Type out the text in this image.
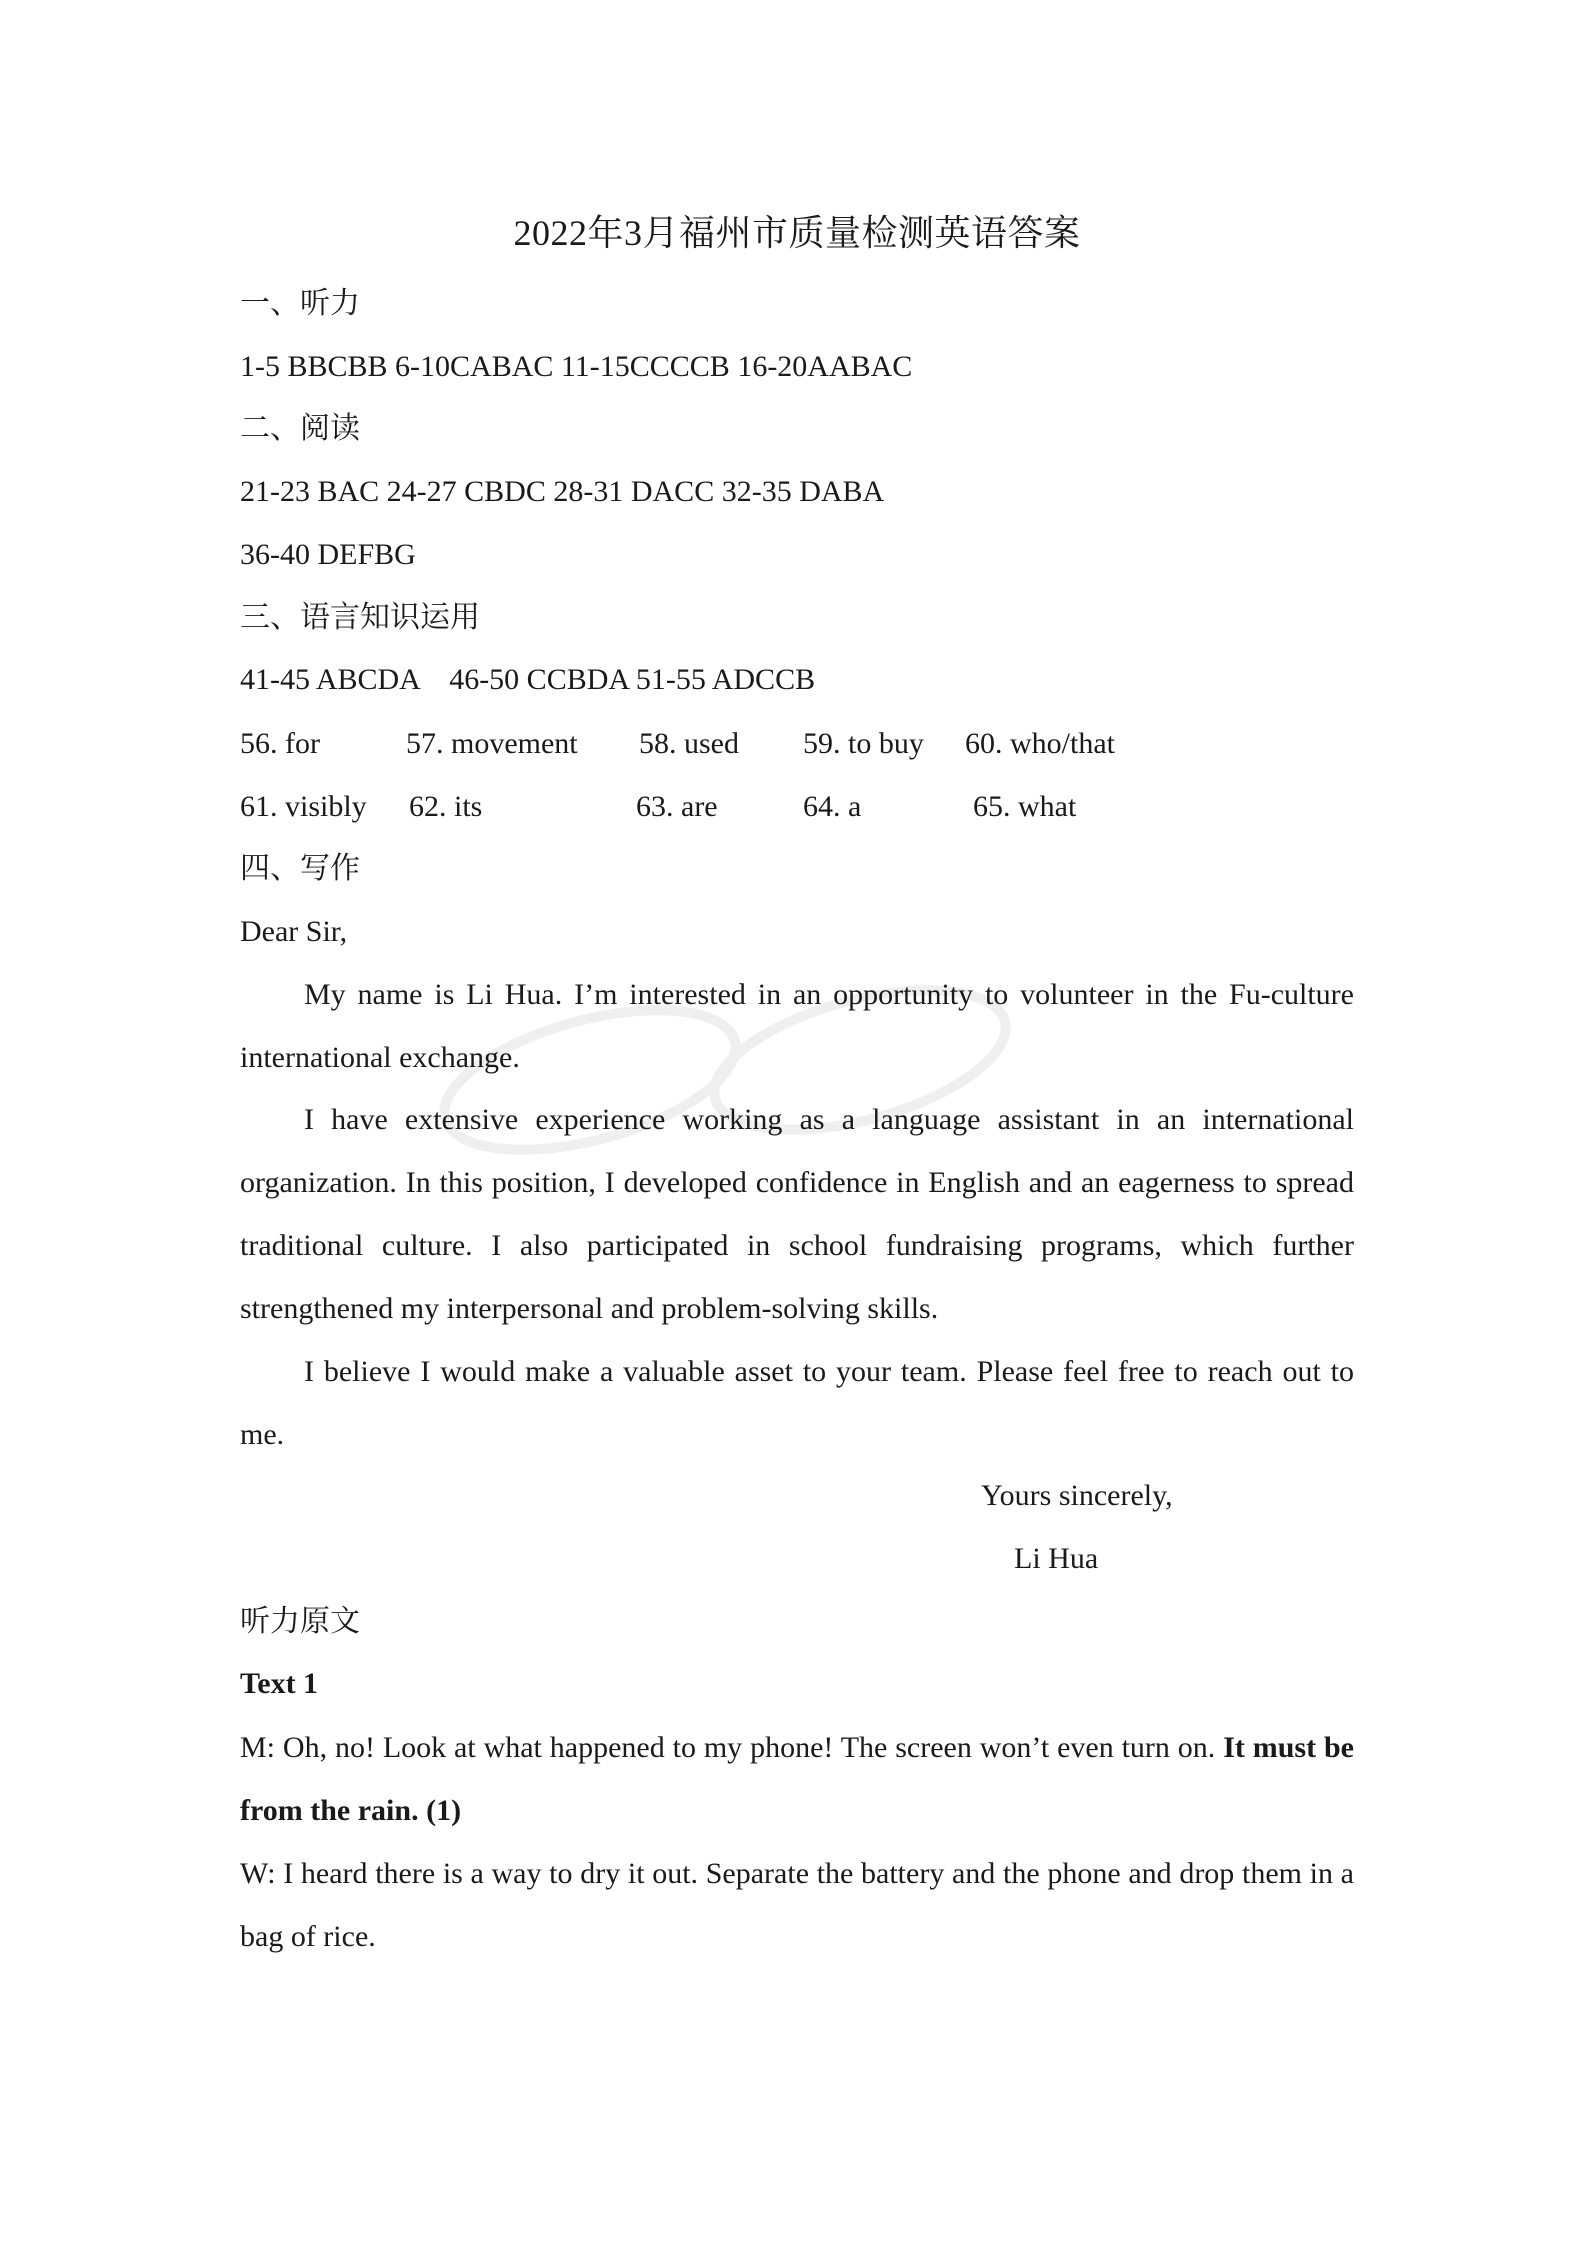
2022年3月福州市质量检测英语答案
一、听力
1-5 BBCBB 6-10CABAC 11-15CCCCB 16-20AABAC
二、阅读
21-23 BAC 24-27 CBDC 28-31 DACC 32-35 DABA
36-40 DEFBG
三、语言知识运用
41-45 ABCDA    46-50 CCBDA 51-55 ADCCB
56. for	57. movement 58. used 59. to buy 60. who/that
61. visibly 62. its	63. are	64. a	65. what
四、写作
Dear Sir,
My name is Li Hua. I’m interested in an opportunity to volunteer in the Fu-culture international exchange.
I have extensive experience working as a language assistant in an international organization. In this position, I developed confidence in English and an eagerness to spread traditional culture. I also participated in school fundraising programs, which further strengthened my interpersonal and problem-solving skills.
I believe I would make a valuable asset to your team. Please feel free to reach out to me.
Yours sincerely,
Li Hua
听力原文
Text 1
M: Oh, no! Look at what happened to my phone! The screen won’t even turn on. It must be from the rain. (1)
W: I heard there is a way to dry it out. Separate the battery and the phone and drop them in a bag of rice.
